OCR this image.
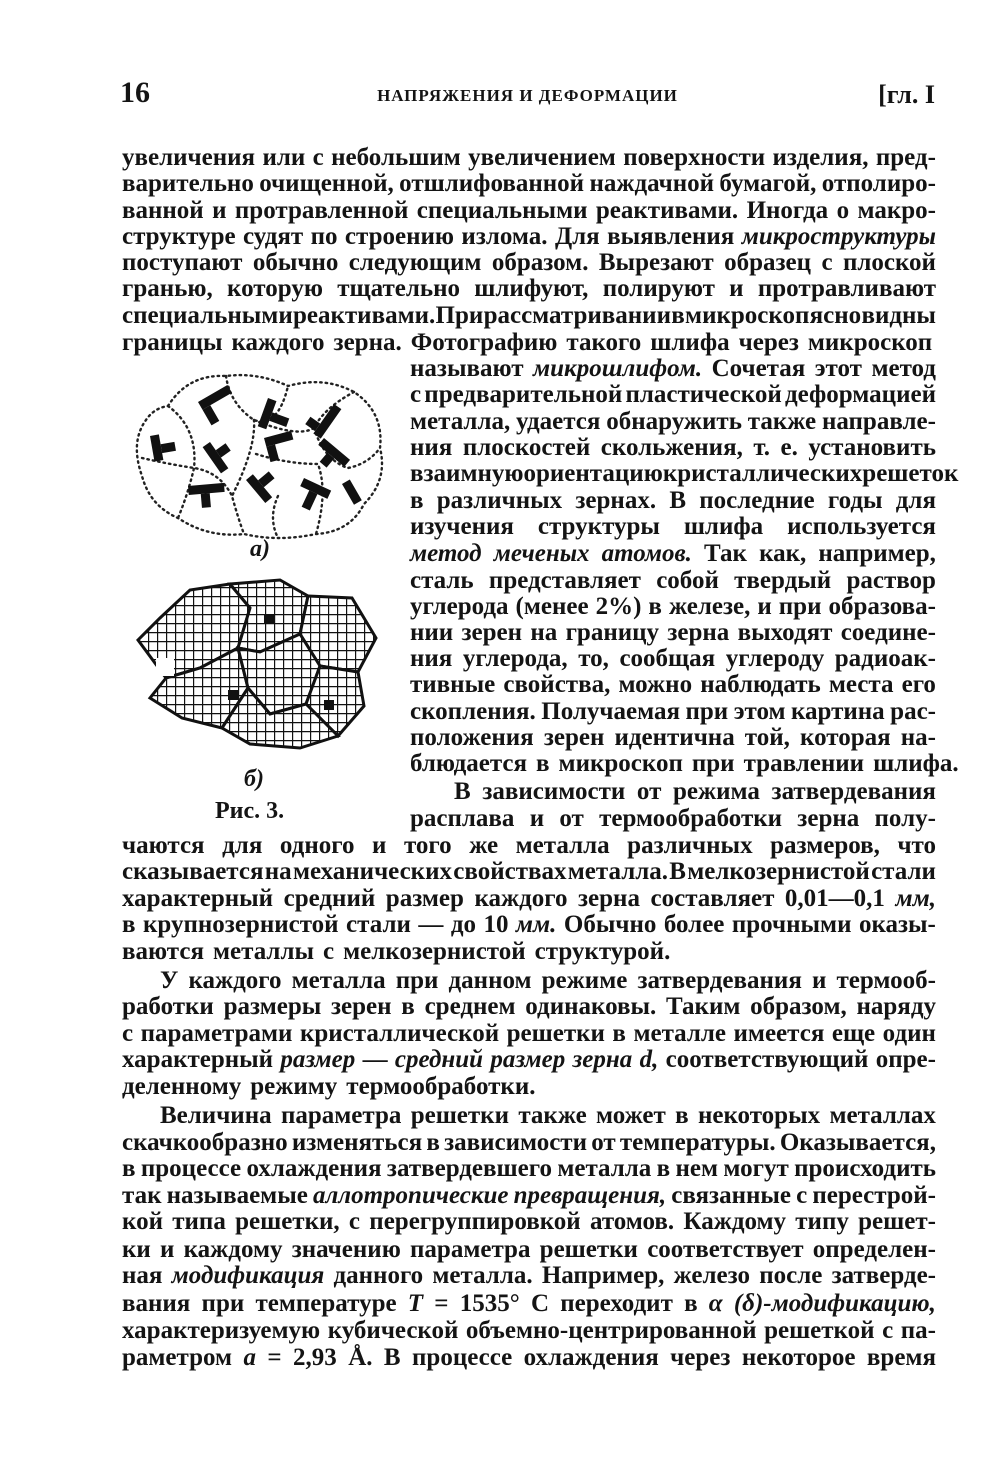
16	НАПРЯЖЕНИЯ И ДЕФОРМАЦИИ	[гл. I
увеличения или с небольшим увеличением поверхности изделия, пред-
варительно очищенной, отшлифованной наждачной бумагой, отполиро-
ванной и протравленной специальными реактивами. Иногда о макро-
структуре судят по строению излома. Для выявления микроструктуры
поступают обычно следующим образом. Вырезают образец с плоской
гранью, которую тщательно шлифуют, полируют и протравливают
специальными реактивами. При рассматривании в микроскоп ясно видны
границы каждого зерна. Фотографию такого шлифа через микроскоп
называют микрошлифом. Сочетая этот метод
с предварительной пластической деформацией
металла, удается обнаружить также направле-
ния плоскостей скольжения, т. е. установить
взаимную ориентацию кристаллических решеток
в различных зернах. В последние годы для
изучения структуры шлифа используется
метод меченых атомов. Так как, например,
сталь представляет собой твердый раствор
углерода (менее 2%) в железе, и при образова-
нии зерен на границу зерна выходят соедине-
ния углерода, то, сообщая углероду радиоак-
тивные свойства, можно наблюдать места его
скопления. Получаемая при этом картина рас-
положения зерен идентична той, которая на-
блюдается в микроскоп при травлении шлифа.
В зависимости от режима затвердевания
расплава и от термообработки зерна полу-
чаются для одного и того же металла различных размеров, что
сказывается на механических свойствах металла. В мелкозернистой стали
характерный средний размер каждого зерна составляет 0,01—0,1 мм,
в крупнозернистой стали — до 10 мм. Обычно более прочными оказы-
ваются металлы с мелкозернистой структурой.
У каждого металла при данном режиме затвердевания и термооб-
работки размеры зерен в среднем одинаковы. Таким образом, наряду
с параметрами кристаллической решетки в металле имеется еще один
характерный размер — средний размер зерна d, соответствующий опре-
деленному режиму термообработки.
Величина параметра решетки также может в некоторых металлах
скачкообразно изменяться в зависимости от температуры. Оказывается,
в процессе охлаждения затвердевшего металла в нем могут происходить
так называемые аллотропические превращения, связанные с перестрой-
кой типа решетки, с перегруппировкой атомов. Каждому типу решет-
ки и каждому значению параметра решетки соответствует определен-
ная модификация данного металла. Например, железо после затверде-
вания при температуре T = 1535° С переходит в α (δ)-модификацию,
характеризуемую кубической объемно-центрированной решеткой с па-
раметром a = 2,93 Å. В процессе охлаждения через некоторое время
а)
б)
Рис. 3.
